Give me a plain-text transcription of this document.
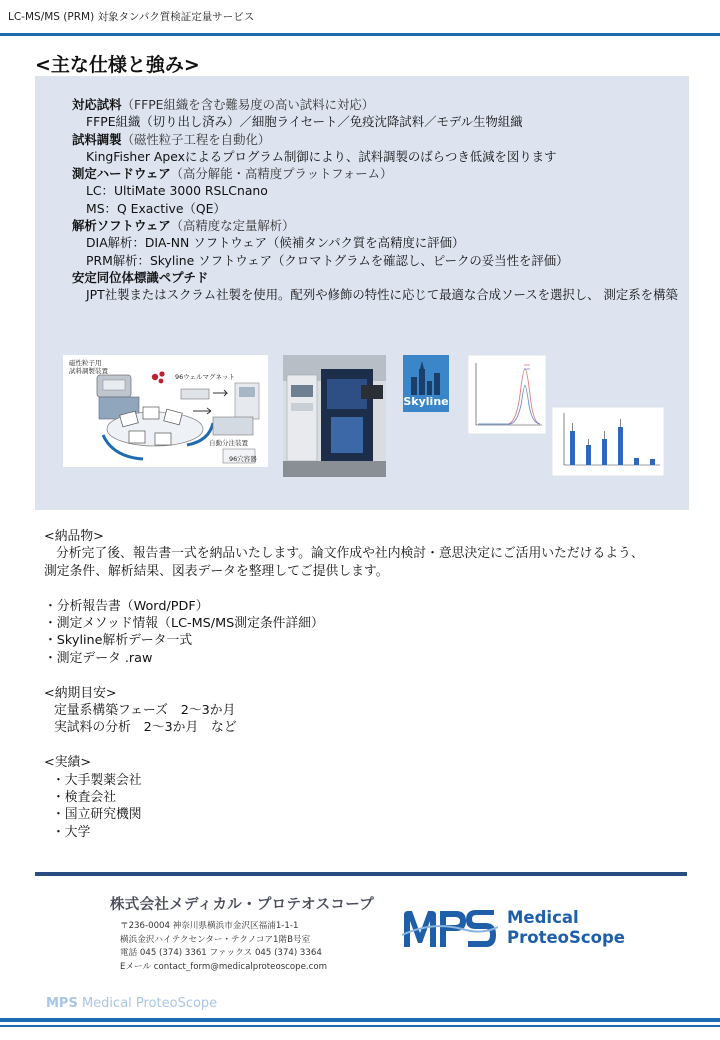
LC-MS/MS (PRM) 対象タンパク質検証定量サービス
<主な仕様と強み>
対応試料（FFPE組織を含む難易度の高い試料に対応）
FFPE組織（切り出し済み）／細胞ライセート／免疫沈降試料／モデル生物組織
試料調製（磁性粒子工程を自動化）
KingFisher Apexによるプログラム制御により、試料調製のばらつき低減を図ります
測定ハードウェア（高分解能・高精度プラットフォーム）
LC：UltiMate 3000 RSLCnano
MS：Q Exactive（QE）
解析ソフトウェア（高精度な定量解析）
DIA解析：DIA-NN ソフトウェア（候補タンパク質を高精度に評価）
PRM解析：Skyline ソフトウェア（クロマトグラムを確認し、ピークの妥当性を評価）
安定同位体標識ペプチド
JPT社製またはスクラム社製を使用。配列や修飾の特性に応じて最適な合成ソースを選択し、 測定系を構築
磁性粒子用
試料調製装置
96ウェルマグネット
自動分注装置
96穴容器
Skyline
<納品物>
分析完了後、報告書一式を納品いたします。論文作成や社内検討・意思決定にご活用いただけるよう、
測定条件、解析結果、図表データを整理してご提供します。
・分析報告書（Word/PDF）
・測定メソッド情報（LC-MS/MS測定条件詳細）
・Skyline解析データ一式
・測定データ .raw
<納期目安>
定量系構築フェーズ　2～3か月
実試料の分析　2～3か月　など
<実績>
・大手製薬会社
・検査会社
・国立研究機関
・大学
株式会社メディカル・プロテオスコープ
〒236-0004 神奈川県横浜市金沢区福浦1-1-1
横浜金沢ハイテクセンター・テクノコア1階B号室
電話 045 (374) 3361 ファックス 045 (374) 3364
Eメール contact_form@medicalproteoscope.com
Medical
ProteoScope
MPS Medical ProteoScope
